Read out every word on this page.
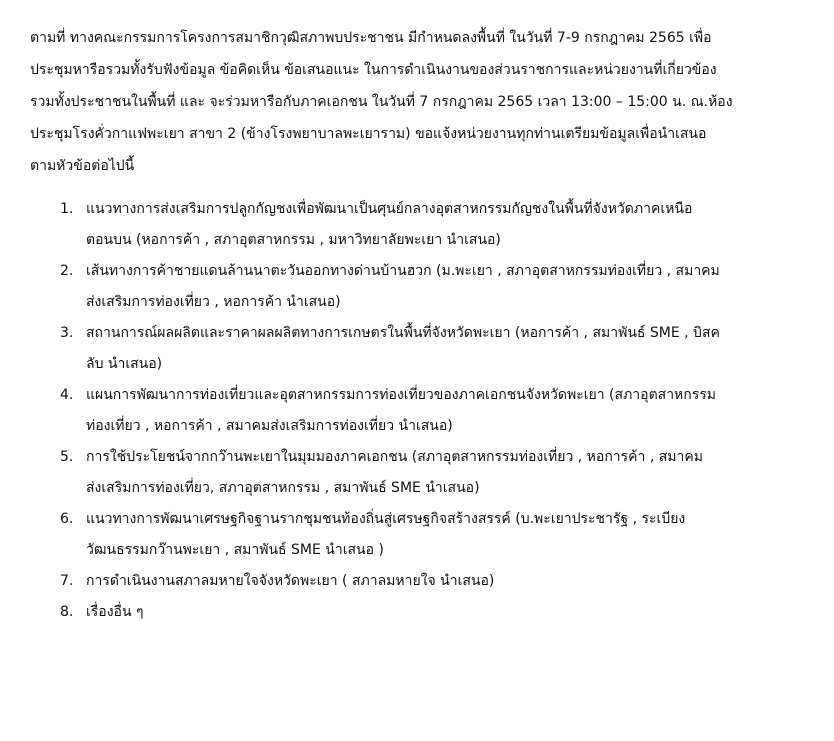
ตามที่ ทางคณะกรรมการโครงการสมาชิกวุฒิสภาพบประชาชน มีกำหนดลงพื้นที่ ในวันที่ 7-9 กรกฎาคม 2565 เพื่อ
ประชุมหารือรวมทั้งรับฟังข้อมูล ข้อคิดเห็น ข้อเสนอแนะ ในการดำเนินงานของส่วนราชการและหน่วยงานที่เกี่ยวข้อง
รวมทั้งประชาชนในพื้นที่ และ จะร่วมหารือกับภาคเอกชน ในวันที่ 7 กรกฎาคม 2565 เวลา 13:00 – 15:00 น. ณ.ห้อง
ประชุมโรงคั่วกาแฟพะเยา สาขา 2 (ข้างโรงพยาบาลพะเยาราม) ขอแจ้งหน่วยงานทุกท่านเตรียมข้อมูลเพื่อนำเสนอ
ตามหัวข้อต่อไปนี้

1. แนวทางการส่งเสริมการปลูกกัญชงเพื่อพัฒนาเป็นศุนย์กลางอุตสาหกรรมกัญชงในพื้นที่จังหวัดภาคเหนือ
ตอนบน (หอการค้า , สภาอุตสาหกรรม , มหาวิทยาลัยพะเยา นำเสนอ)
2. เส้นทางการค้าชายแดนล้านนาตะวันออกทางด่านบ้านฮวก (ม.พะเยา , สภาอุตสาหกรรมท่องเที่ยว , สมาคม
ส่งเสริมการท่องเที่ยว , หอการค้า นำเสนอ)
3. สถานการณ์ผลผลิตและราคาผลผลิตทางการเกษตรในพื้นที่จังหวัดพะเยา (หอการค้า , สมาพันธ์ SME , บิสค
ลับ นำเสนอ)
4. แผนการพัฒนาการท่องเที่ยวและอุตสาหกรรมการท่องเที่ยวของภาคเอกชนจังหวัดพะเยา (สภาอุตสาหกรรม
ท่องเที่ยว , หอการค้า , สมาคมส่งเสริมการท่องเที่ยว นำเสนอ)
5. การใช้ประโยชน์จากกว๊านพะเยาในมุมมองภาคเอกชน (สภาอุตสาหกรรมท่องเที่ยว , หอการค้า , สมาคม
ส่งเสริมการท่องเที่ยว, สภาอุตสาหกรรม , สมาพันธ์ SME นำเสนอ)
6. แนวทางการพัฒนาเศรษฐกิจฐานรากชุมชนท้องถิ่นสู่เศรษฐกิจสร้างสรรค์ (บ.พะเยาประชารัฐ , ระเบียง
วัฒนธรรมกว๊านพะเยา , สมาพันธ์ SME นำเสนอ )
7. การดำเนินงานสภาลมหายใจจังหวัดพะเยา ( สภาลมหายใจ นำเสนอ)
8. เรื่องอื่น ๆ
